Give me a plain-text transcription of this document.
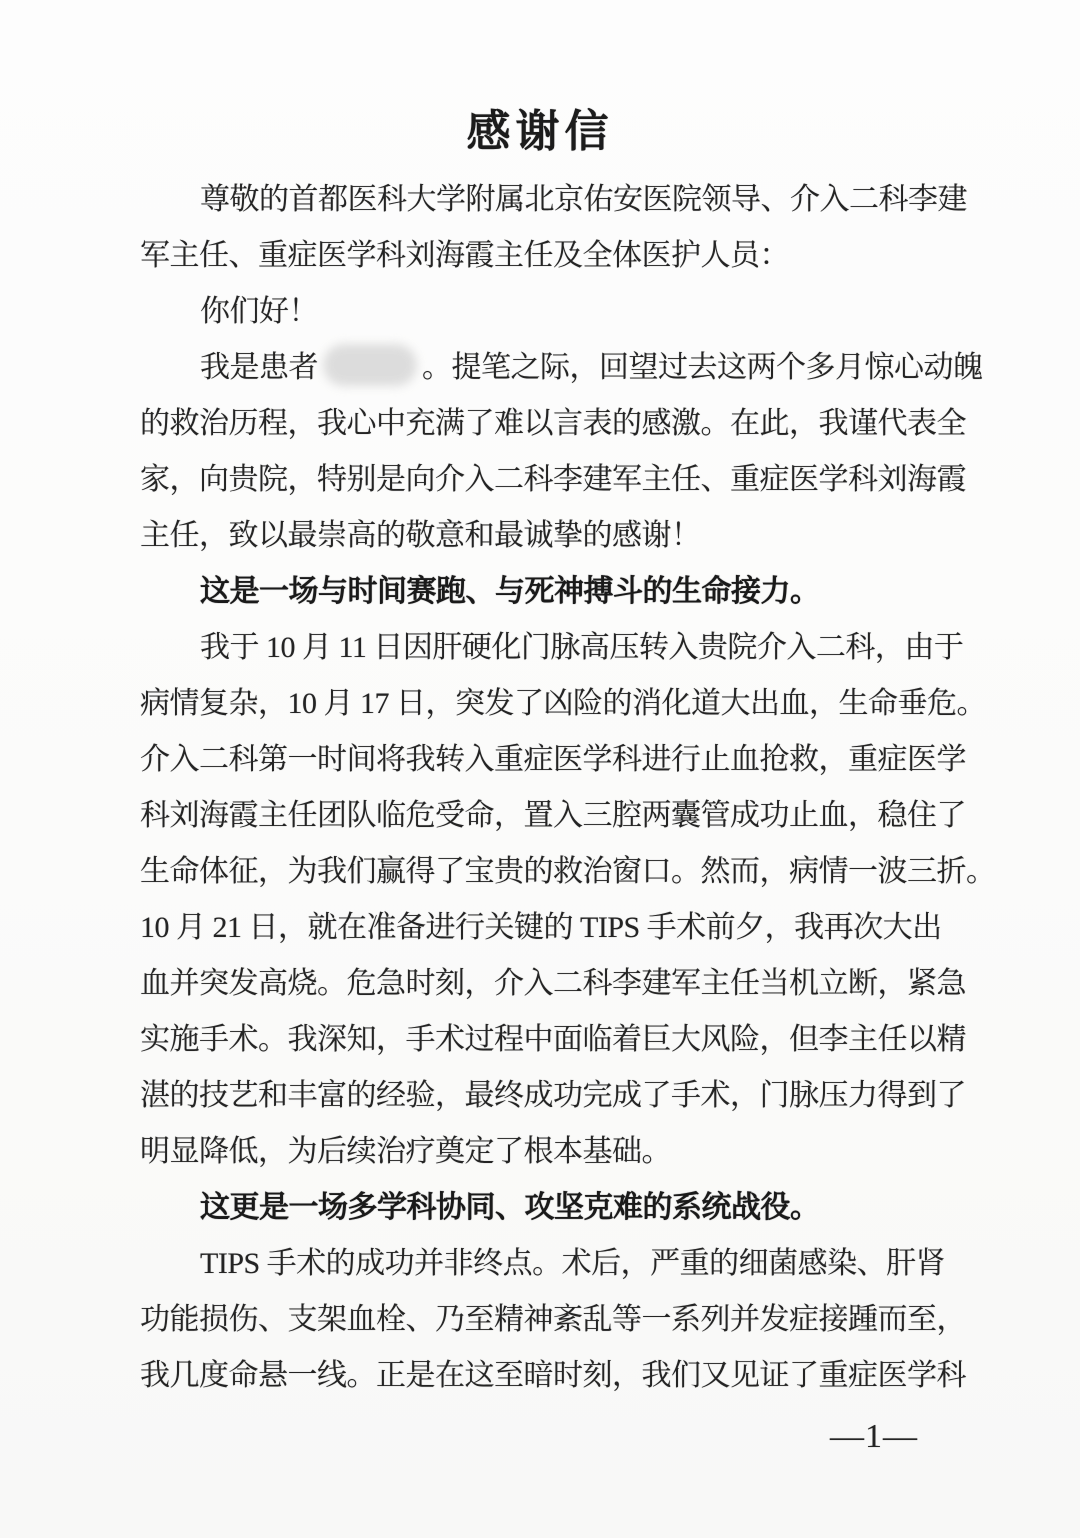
感谢信
尊敬的首都医科大学附属北京佑安医院领导、介入二科李建
军主任、重症医学科刘海霞主任及全体医护人员：
你们好！
我是患者	。提笔之际，回望过去这两个多月惊心动魄
的救治历程，我心中充满了难以言表的感激。在此，我谨代表全
家，向贵院，特别是向介入二科李建军主任、重症医学科刘海霞
主任，致以最崇高的敬意和最诚挚的感谢！
这是一场与时间赛跑、与死神搏斗的生命接力。
我于 10 月 11 日因肝硬化门脉高压转入贵院介入二科，由于
病情复杂，10 月 17 日，突发了凶险的消化道大出血，生命垂危。
介入二科第一时间将我转入重症医学科进行止血抢救，重症医学
科刘海霞主任团队临危受命，置入三腔两囊管成功止血，稳住了
生命体征，为我们赢得了宝贵的救治窗口。然而，病情一波三折。
10 月 21 日，就在准备进行关键的 TIPS 手术前夕，我再次大出
血并突发高烧。危急时刻，介入二科李建军主任当机立断，紧急
实施手术。我深知，手术过程中面临着巨大风险，但李主任以精
湛的技艺和丰富的经验，最终成功完成了手术，门脉压力得到了
明显降低，为后续治疗奠定了根本基础。
这更是一场多学科协同、攻坚克难的系统战役。
TIPS 手术的成功并非终点。术后，严重的细菌感染、肝肾
功能损伤、支架血栓、乃至精神紊乱等一系列并发症接踵而至，
我几度命悬一线。正是在这至暗时刻，我们又见证了重症医学科
—1—
